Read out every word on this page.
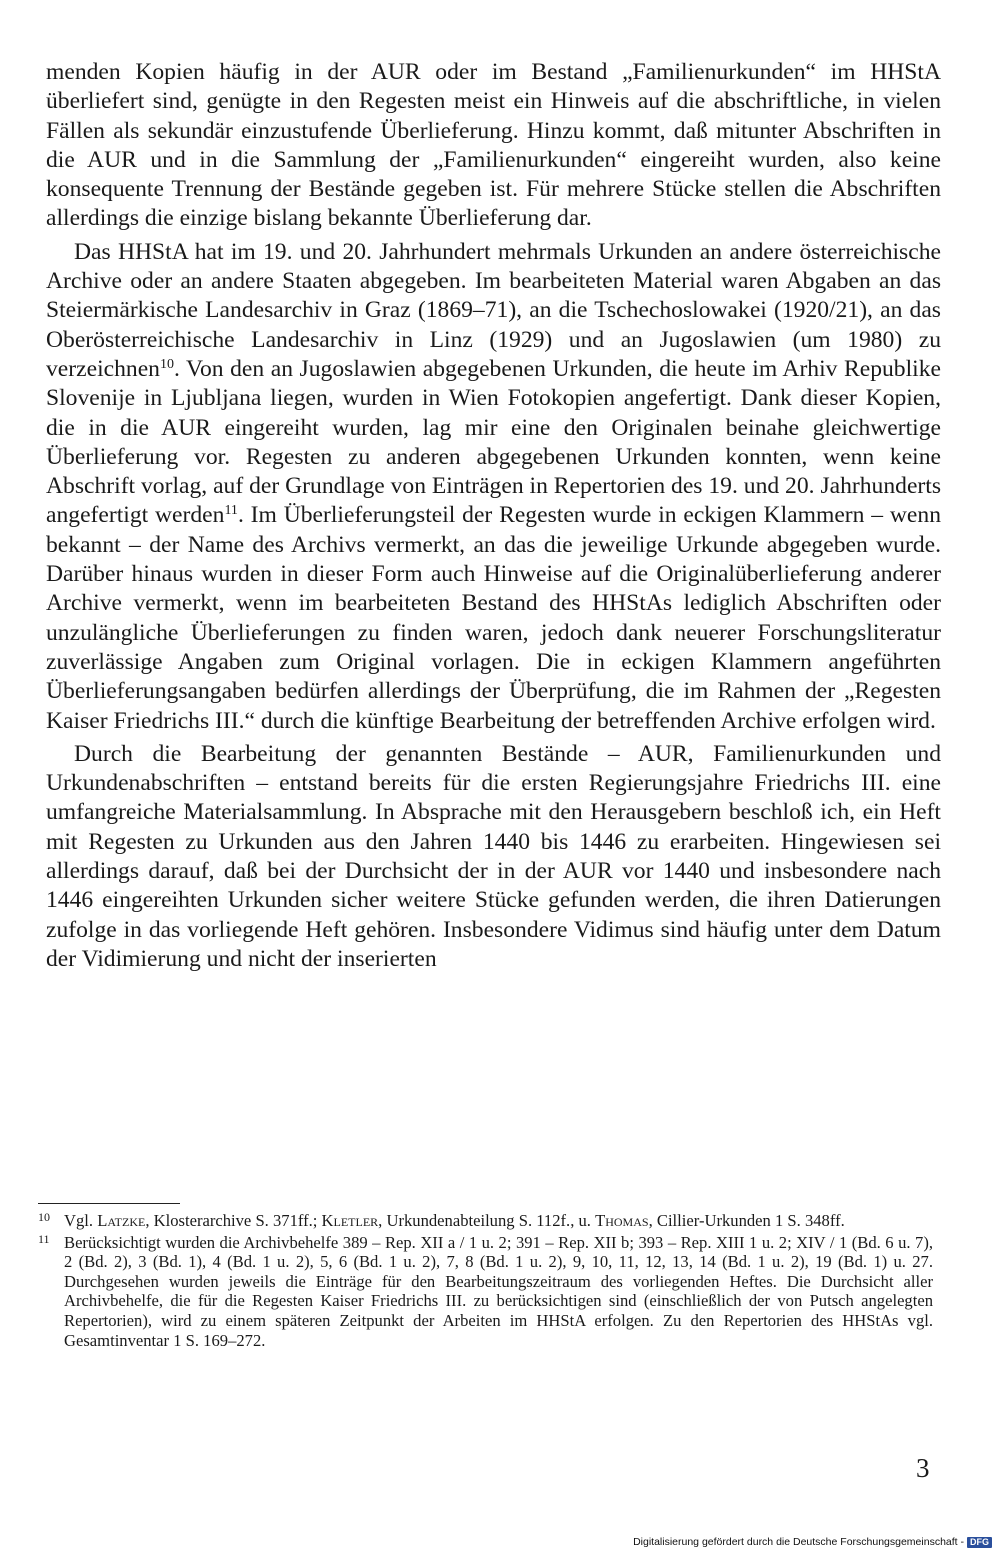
menden Kopien häufig in der AUR oder im Bestand „Familienurkunden“ im HHStA überliefert sind, genügte in den Regesten meist ein Hinweis auf die abschriftliche, in vielen Fällen als sekundär einzustufende Überlieferung. Hinzu kommt, daß mitunter Abschriften in die AUR und in die Sammlung der „Familienurkunden“ eingereiht wurden, also keine konsequente Trennung der Bestände gegeben ist. Für mehrere Stücke stellen die Abschriften allerdings die einzige bislang bekannte Überlieferung dar.

Das HHStA hat im 19. und 20. Jahrhundert mehrmals Urkunden an andere österreichische Archive oder an andere Staaten abgegeben. Im bearbeiteten Material waren Abgaben an das Steiermärkische Landesarchiv in Graz (1869–71), an die Tschechoslowakei (1920/21), an das Oberösterreichische Landesarchiv in Linz (1929) und an Jugoslawien (um 1980) zu verzeichnen$^{10}$. Von den an Jugoslawien abgegebenen Urkunden, die heute im Arhiv Republike Slovenije in Ljubljana liegen, wurden in Wien Fotokopien angefertigt. Dank dieser Kopien, die in die AUR eingereiht wurden, lag mir eine den Originalen beinahe gleichwertige Überlieferung vor. Regesten zu anderen abgegebenen Urkunden konnten, wenn keine Abschrift vorlag, auf der Grundlage von Einträgen in Repertorien des 19. und 20. Jahrhunderts angefertigt werden$^{11}$. Im Überlieferungsteil der Regesten wurde in eckigen Klammern – wenn bekannt – der Name des Archivs vermerkt, an das die jeweilige Urkunde abgegeben wurde. Darüber hinaus wurden in dieser Form auch Hinweise auf die Originalüberlieferung anderer Archive vermerkt, wenn im bearbeiteten Bestand des HHStAs lediglich Abschriften oder unzulängliche Überlieferungen zu finden waren, jedoch dank neuerer Forschungsliteratur zuverlässige Angaben zum Original vorlagen. Die in eckigen Klammern angeführten Überlieferungsangaben bedürfen allerdings der Überprüfung, die im Rahmen der „Regesten Kaiser Friedrichs III.“ durch die künftige Bearbeitung der betreffenden Archive erfolgen wird.

Durch die Bearbeitung der genannten Bestände – AUR, Familienurkunden und Urkundenabschriften – entstand bereits für die ersten Regierungsjahre Friedrichs III. eine umfangreiche Materialsammlung. In Absprache mit den Herausgebern beschloß ich, ein Heft mit Regesten zu Urkunden aus den Jahren 1440 bis 1446 zu erarbeiten. Hingewiesen sei allerdings darauf, daß bei der Durchsicht der in der AUR vor 1440 und insbesondere nach 1446 eingereihten Urkunden sicher weitere Stücke gefunden werden, die ihren Datierungen zufolge in das vorliegende Heft gehören. Insbesondere Vidimus sind häufig unter dem Datum der Vidimierung und nicht der inserierten

10 Vgl. Latzke, Klosterarchive S. 371ff.; Kletler, Urkundenabteilung S. 112f., u. Thomas, Cillier-Urkunden 1 S. 348ff.

11 Berücksichtigt wurden die Archivbehelfe 389 – Rep. XII a / 1 u. 2; 391 – Rep. XII b; 393 – Rep. XIII 1 u. 2; XIV / 1 (Bd. 6 u. 7), 2 (Bd. 2), 3 (Bd. 1), 4 (Bd. 1 u. 2), 5, 6 (Bd. 1 u. 2), 7, 8 (Bd. 1 u. 2), 9, 10, 11, 12, 13, 14 (Bd. 1 u. 2), 19 (Bd. 1) u. 27. Durchgesehen wurden jeweils die Einträge für den Bearbeitungszeitraum des vorliegenden Heftes. Die Durchsicht aller Archivbehelfe, die für die Regesten Kaiser Friedrichs III. zu berücksichtigen sind (einschließlich der von Putsch angelegten Repertorien), wird zu einem späteren Zeitpunkt der Arbeiten im HHStA erfolgen. Zu den Repertorien des HHStAs vgl. Gesamtinventar 1 S. 169–272.

3
Digitalisierung gefördert durch die Deutsche Forschungsgemeinschaft - DFG
